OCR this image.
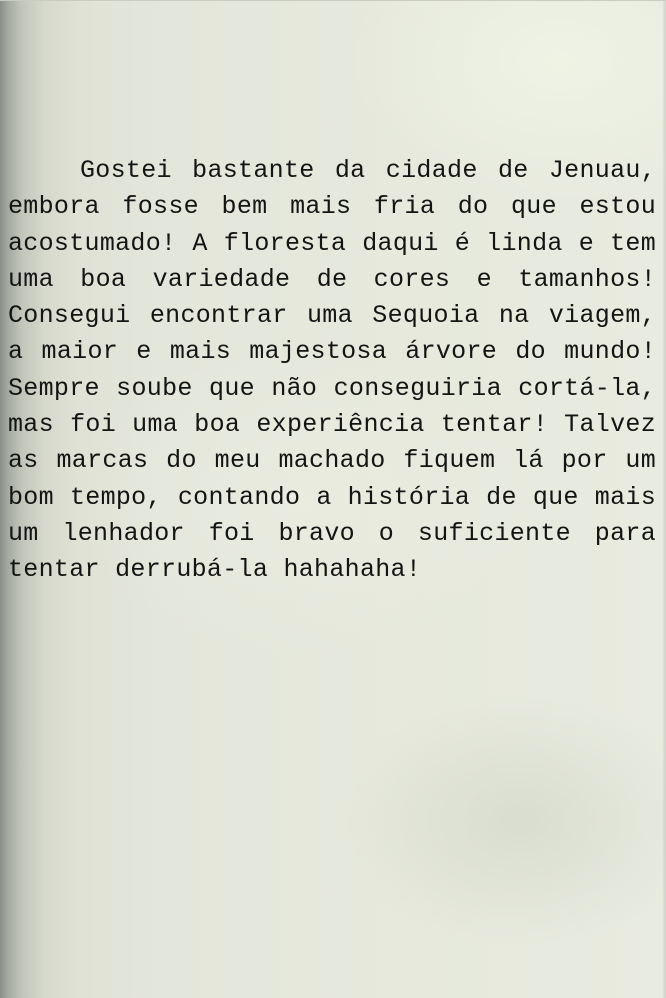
Gostei bastante da cidade de Jenuau, embora fosse bem mais fria do que estou acostumado! A floresta daqui é linda e tem uma boa variedade de cores e tamanhos! Consegui encontrar uma Sequoia na viagem, a maior e mais majestosa árvore do mundo! Sempre soube que não conseguiria cortá-la, mas foi uma boa experiência tentar! Talvez as marcas do meu machado fiquem lá por um bom tempo, contando a história de que mais um lenhador foi bravo o suficiente para tentar derrubá-la hahahaha!
